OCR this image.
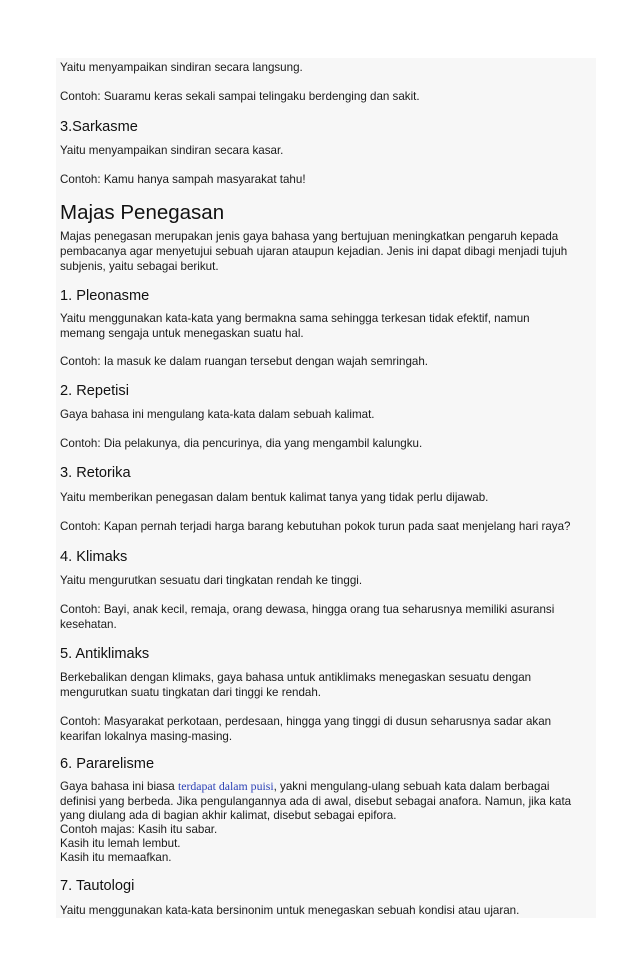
Yaitu menyampaikan sindiran secara langsung.
Contoh: Suaramu keras sekali sampai telingaku berdenging dan sakit.
3.Sarkasme
Yaitu menyampaikan sindiran secara kasar.
Contoh: Kamu hanya sampah masyarakat tahu!
Majas Penegasan
Majas penegasan merupakan jenis gaya bahasa yang bertujuan meningkatkan pengaruh kepada
pembacanya agar menyetujui sebuah ujaran ataupun kejadian. Jenis ini dapat dibagi menjadi tujuh
subjenis, yaitu sebagai berikut.
1. Pleonasme
Yaitu menggunakan kata-kata yang bermakna sama sehingga terkesan tidak efektif, namun
memang sengaja untuk menegaskan suatu hal.
Contoh: Ia masuk ke dalam ruangan tersebut dengan wajah semringah.
2. Repetisi
Gaya bahasa ini mengulang kata-kata dalam sebuah kalimat.
Contoh: Dia pelakunya, dia pencurinya, dia yang mengambil kalungku.
3. Retorika
Yaitu memberikan penegasan dalam bentuk kalimat tanya yang tidak perlu dijawab.
Contoh: Kapan pernah terjadi harga barang kebutuhan pokok turun pada saat menjelang hari raya?
4. Klimaks
Yaitu mengurutkan sesuatu dari tingkatan rendah ke tinggi.
Contoh: Bayi, anak kecil, remaja, orang dewasa, hingga orang tua seharusnya memiliki asuransi
kesehatan.
5. Antiklimaks
Berkebalikan dengan klimaks, gaya bahasa untuk antiklimaks menegaskan sesuatu dengan
mengurutkan suatu tingkatan dari tinggi ke rendah.
Contoh: Masyarakat perkotaan, perdesaan, hingga yang tinggi di dusun seharusnya sadar akan
kearifan lokalnya masing-masing.
6. Pararelisme
Gaya bahasa ini biasa terdapat dalam puisi, yakni mengulang-ulang sebuah kata dalam berbagai
definisi yang berbeda. Jika pengulangannya ada di awal, disebut sebagai anafora. Namun, jika kata
yang diulang ada di bagian akhir kalimat, disebut sebagai epifora.
Contoh majas: Kasih itu sabar.
Kasih itu lemah lembut.
Kasih itu memaafkan.
7. Tautologi
Yaitu menggunakan kata-kata bersinonim untuk menegaskan sebuah kondisi atau ujaran.
